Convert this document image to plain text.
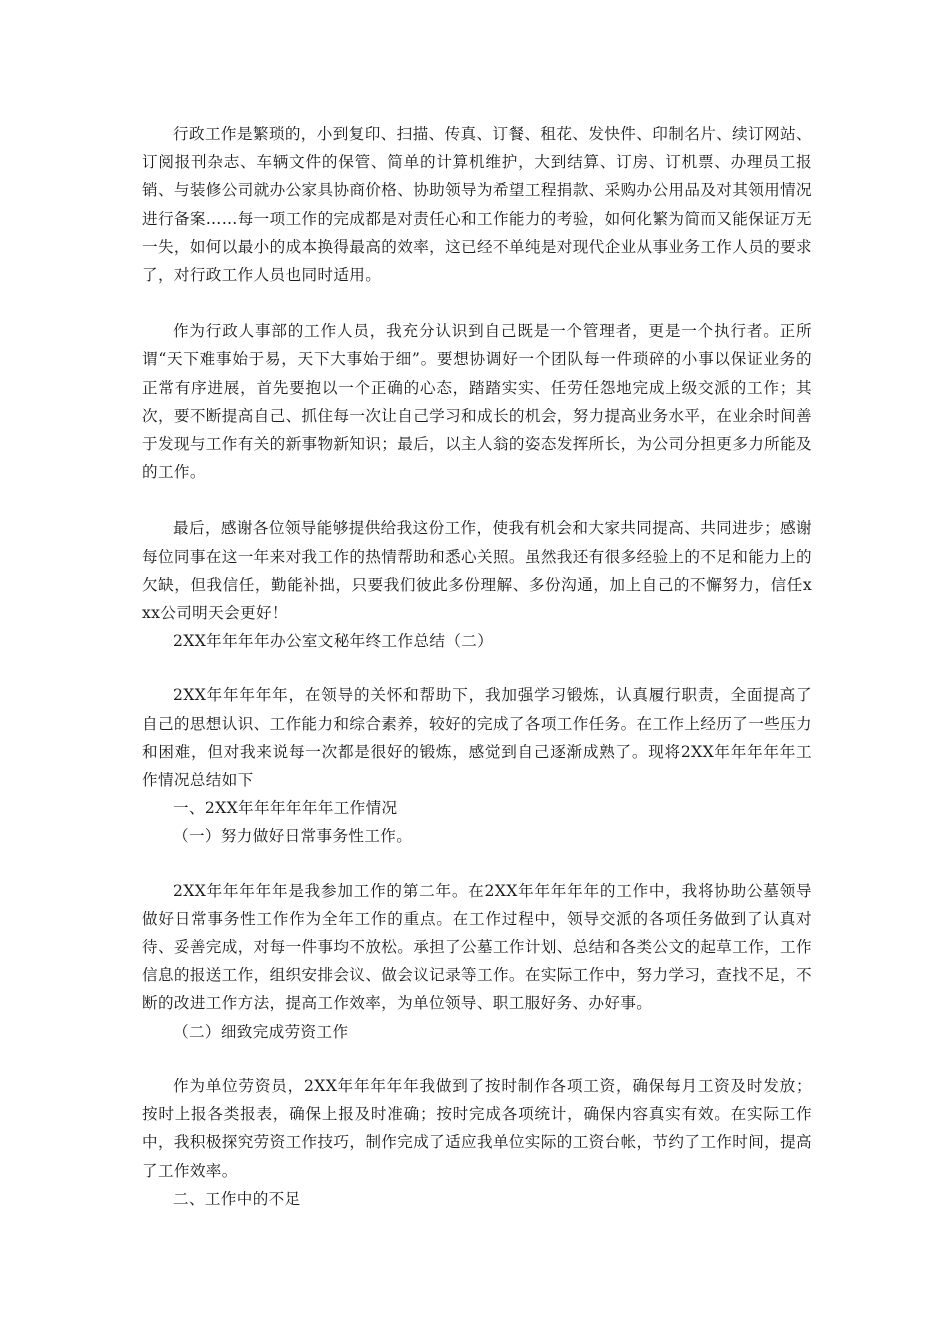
行政工作是繁琐的，小到复印、扫描、传真、订餐、租花、发快件、印制名片、续订网站、订阅报刊杂志、车辆文件的保管、简单的计算机维护，大到结算、订房、订机票、办理员工报销、与装修公司就办公家具协商价格、协助领导为希望工程捐款、采购办公用品及对其领用情况进行备案……每一项工作的完成都是对责任心和工作能力的考验，如何化繁为简而又能保证万无一失，如何以最小的成本换得最高的效率，这已经不单纯是对现代企业从事业务工作人员的要求了，对行政工作人员也同时适用。

作为行政人事部的工作人员，我充分认识到自己既是一个管理者，更是一个执行者。正所谓“天下难事始于易，天下大事始于细”。要想协调好一个团队每一件琐碎的小事以保证业务的正常有序进展，首先要抱以一个正确的心态，踏踏实实、任劳任怨地完成上级交派的工作；其次，要不断提高自己、抓住每一次让自己学习和成长的机会，努力提高业务水平，在业余时间善于发现与工作有关的新事物新知识；最后，以主人翁的姿态发挥所长，为公司分担更多力所能及的工作。

最后，感谢各位领导能够提供给我这份工作，使我有机会和大家共同提高、共同进步；感谢每位同事在这一年来对我工作的热情帮助和悉心关照。虽然我还有很多经验上的不足和能力上的欠缺，但我信任，勤能补拙，只要我们彼此多份理解、多份沟通，加上自己的不懈努力，信任xxx公司明天会更好！

2XX年年年年办公室文秘年终工作总结（二）

2XX年年年年年，在领导的关怀和帮助下，我加强学习锻炼，认真履行职责，全面提高了自己的思想认识、工作能力和综合素养，较好的完成了各项工作任务。在工作上经历了一些压力和困难，但对我来说每一次都是很好的锻炼，感觉到自己逐渐成熟了。现将2XX年年年年年工作情况总结如下

一、2XX年年年年年年工作情况

（一）努力做好日常事务性工作。

2XX年年年年年是我参加工作的第二年。在2XX年年年年年的工作中，我将协助公墓领导做好日常事务性工作作为全年工作的重点。在工作过程中，领导交派的各项任务做到了认真对待、妥善完成，对每一件事均不放松。承担了公墓工作计划、总结和各类公文的起草工作，工作信息的报送工作，组织安排会议、做会议记录等工作。在实际工作中，努力学习，查找不足，不断的改进工作方法，提高工作效率，为单位领导、职工服好务、办好事。

（二）细致完成劳资工作

作为单位劳资员，2XX年年年年年我做到了按时制作各项工资，确保每月工资及时发放；按时上报各类报表，确保上报及时准确；按时完成各项统计，确保内容真实有效。在实际工作中，我积极探究劳资工作技巧，制作完成了适应我单位实际的工资台帐，节约了工作时间，提高了工作效率。

二、工作中的不足
